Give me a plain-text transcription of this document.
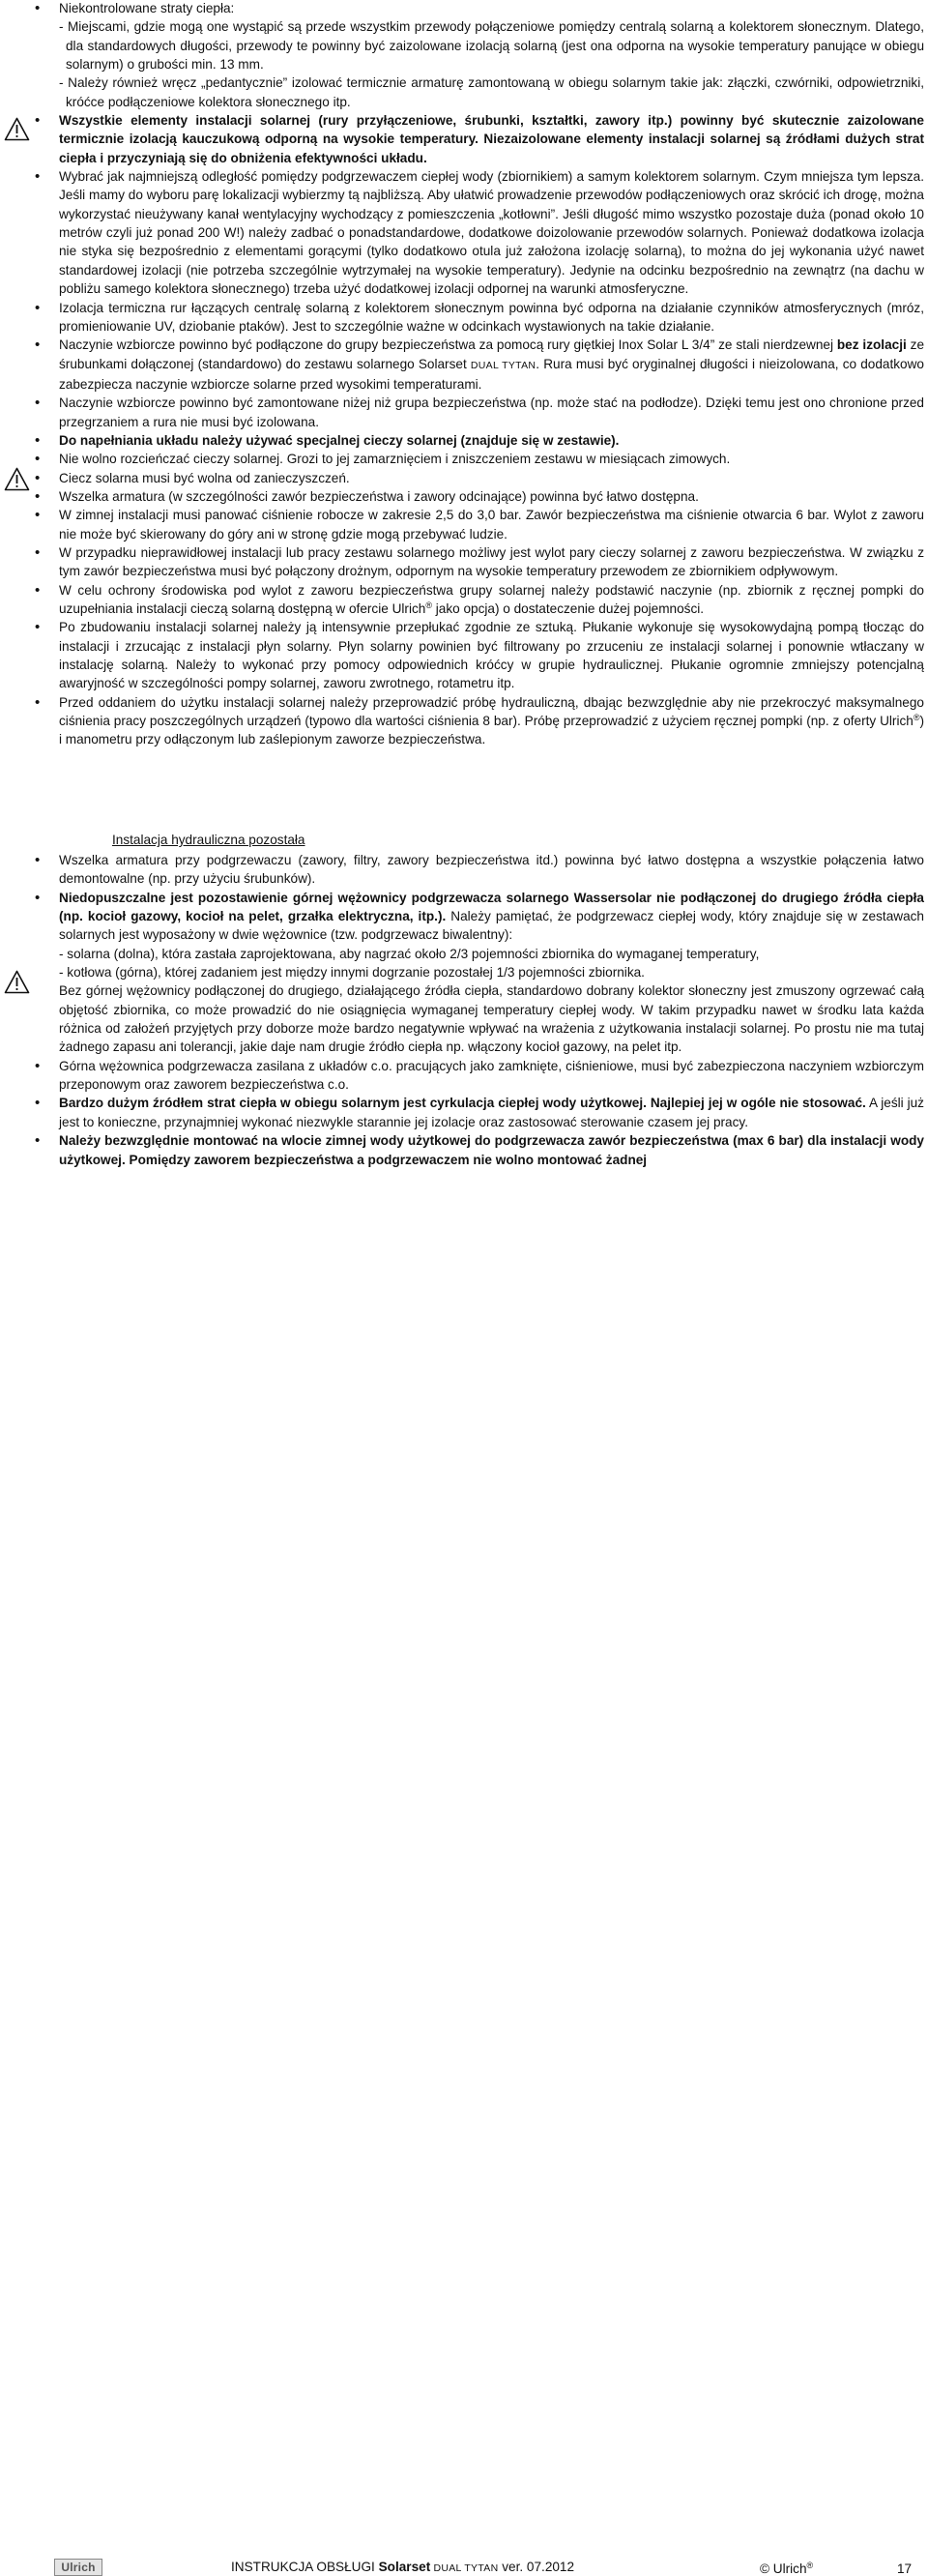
• Niekontrolowane straty ciepła:
- Miejscami, gdzie mogą one wystąpić są przede wszystkim przewody połączeniowe pomiędzy centralą solarną a kolektorem słonecznym. Dlatego, dla standardowych długości, przewody te powinny być zaizolowane izolacją solarną (jest ona odporna na wysokie temperatury panujące w obiegu solarnym) o grubości min. 13 mm.
- Należy również wręcz „pedantycznie” izolować termicznie armaturę zamontowaną w obiegu solarnym takie jak: złączki, czwórniki, odpowietrzniki, króćce podłączeniowe kolektora słonecznego itp.
• Wszystkie elementy instalacji solarnej (rury przyłączeniowe, śrubunki, kształtki, zawory itp.) powinny być skutecznie zaizolowane termicznie izolacją kauczukową odporną na wysokie temperatury. Niezaizolowane elementy instalacji solarnej są źródłami dużych strat ciepła i przyczyniają się do obniżenia efektywności układu.
• Wybrać jak najmniejszą odległość pomiędzy podgrzewaczem ciepłej wody (zbiornikiem) a samym kolektorem solarnym. Czym mniejsza tym lepsza. Jeśli mamy do wyboru parę lokalizacji wybierzmy tą najbliższą. Aby ułatwić prowadzenie przewodów podłączeniowych oraz skrócić ich drogę, można wykorzystać nieużywany kanał wentylacyjny wychodzący z pomieszczenia „kotłowni”. Jeśli długość mimo wszystko pozostaje duża (ponad około 10 metrów czyli już ponad 200 W!) należy zadbać o ponadstandardowe, dodatkowe doizolowanie przewodów solarnych. Ponieważ dodatkowa izolacja nie styka się bezpośrednio z elementami gorącymi (tylko dodatkowo otula już założona izolację solarną), to można do jej wykonania użyć nawet standardowej izolacji (nie potrzeba szczególnie wytrzymałej na wysokie temperatury). Jedynie na odcinku bezpośrednio na zewnątrz (na dachu w pobliżu samego kolektora słonecznego) trzeba użyć dodatkowej izolacji odpornej na warunki atmosferyczne.
• Izolacja termiczna rur łączących centralę solarną z kolektorem słonecznym powinna być odporna na działanie czynników atmosferycznych (mróz, promieniowanie UV, dziobanie ptaków). Jest to szczególnie ważne w odcinkach wystawionych na takie działanie.
• Naczynie wzbiorcze powinno być podłączone do grupy bezpieczeństwa za pomocą rury giętkiej Inox Solar L 3/4” ze stali nierdzewnej bez izolacji ze śrubunkami dołączonej (standardowo) do zestawu solarnego Solarset DUAL TYTAN. Rura musi być oryginalnej długości i nieizolowana, co dodatkowo zabezpiecza naczynie wzbiorcze solarne przed wysokimi temperaturami.
• Naczynie wzbiorcze powinno być zamontowane niżej niż grupa bezpieczeństwa (np. może stać na podłodze). Dzięki temu jest ono chronione przed przegrzaniem a rura nie musi być izolowana.
• Do napełniania układu należy używać specjalnej cieczy solarnej (znajduje się w zestawie).
• Nie wolno rozcieńczać cieczy solarnej. Grozi to jej zamarznięciem i zniszczeniem zestawu w miesiącach zimowych.
• Ciecz solarna musi być wolna od zanieczyszczeń.
• Wszelka armatura (w szczególności zawór bezpieczeństwa i zawory odcinające) powinna być łatwo dostępna.
• W zimnej instalacji musi panować ciśnienie robocze w zakresie 2,5 do 3,0 bar. Zawór bezpieczeństwa ma ciśnienie otwarcia 6 bar. Wylot z zaworu nie może być skierowany do góry ani w stronę gdzie mogą przebywać ludzie.
• W przypadku nieprawidłowej instalacji lub pracy zestawu solarnego możliwy jest wylot pary cieczy solarnej z zaworu bezpieczeństwa. W związku z tym zawór bezpieczeństwa musi być połączony drożnym, odpornym na wysokie temperatury przewodem ze zbiornikiem odpływowym.
• W celu ochrony środowiska pod wylot z zaworu bezpieczeństwa grupy solarnej należy podstawić naczynie (np. zbiornik z ręcznej pompki do uzupełniania instalacji cieczą solarną dostępną w ofercie Ulrich® jako opcja) o dostateczenie dużej pojemności.
• Po zbudowaniu instalacji solarnej należy ją intensywnie przepłukać zgodnie ze sztuką. Płukanie wykonuje się wysokowydajną pompą tłocząc do instalacji i zrzucając z instalacji płyn solarny. Płyn solarny powinien być filtrowany po zrzuceniu ze instalacji solarnej i ponownie wtłaczany w instalację solarną. Należy to wykonać przy pomocy odpowiednich króćcy w grupie hydraulicznej. Płukanie ogromnie zmniejszy potencjalną awaryjność w szczególności pompy solarnej, zaworu zwrotnego, rotametru itp.
• Przed oddaniem do użytku instalacji solarnej należy przeprowadzić próbę hydrauliczną, dbając bezwzględnie aby nie przekroczyć maksymalnego ciśnienia pracy poszczególnych urządzeń (typowo dla wartości ciśnienia 8 bar). Próbę przeprowadzić z użyciem ręcznej pompki (np. z oferty Ulrich®) i manometru przy odłączonym lub zaślepionym zaworze bezpieczeństwa.
Instalacja hydrauliczna pozostała
• Wszelka armatura przy podgrzewaczu (zawory, filtry, zawory bezpieczeństwa itd.) powinna być łatwo dostępna a wszystkie połączenia łatwo demontowalne (np. przy użyciu śrubunków).
• Niedopuszczalne jest pozostawienie górnej wężownicy podgrzewacza solarnego Wassersolar nie podłączonej do drugiego źródła ciepła (np. kocioł gazowy, kocioł na pelet, grzałka elektryczna, itp.). Należy pamiętać, że podgrzewacz ciepłej wody, który znajduje się w zestawach solarnych jest wyposażony w dwie wężownice (tzw. podgrzewacz biwalentny):
- solarna (dolna), która zastała zaprojektowana, aby nagrzać około 2/3 pojemności zbiornika do wymaganej temperatury,
- kotłowa (górna), której zadaniem jest między innymi dogrzanie pozostałej 1/3 pojemności zbiornika.
Bez górnej wężownicy podłączonej do drugiego, działającego źródła ciepła, standardowo dobrany kolektor słoneczny jest zmuszony ogrzewać całą objętość zbiornika, co może prowadzić do nie osiągnięcia wymaganej temperatury ciepłej wody. W takim przypadku nawet w środku lata każda różnica od założeń przyjętych przy doborze może bardzo negatywnie wpływać na wrażenia z użytkowania instalacji solarnej. Po prostu nie ma tutaj żadnego zapasu ani tolerancji, jakie daje nam drugie źródło ciepła np. włączony kocioł gazowy, na pelet itp.
• Górna wężownica podgrzewacza zasilana z układów c.o. pracujących jako zamknięte, ciśnieniowe, musi być zabezpieczona naczyniem wzbiorczym przeponowym oraz zaworem bezpieczeństwa c.o.
• Bardzo dużym źródłem strat ciepła w obiegu solarnym jest cyrkulacja ciepłej wody użytkowej. Najlepiej jej w ogóle nie stosować. A jeśli już jest to konieczne, przynajmniej wykonać niezwykle starannie jej izolacje oraz zastosować sterowanie czasem jej pracy.
• Należy bezwzględnie montować na wlocie zimnej wody użytkowej do podgrzewacza zawór bezpieczeństwa (max 6 bar) dla instalacji wody użytkowej. Pomiędzy zaworem bezpieczeństwa a podgrzewaczem nie wolno montować żadnej
Ulrich	INSTRUKCJA OBSŁUGI Solarset DUAL TYTAN ver. 07.2012	© Ulrich®	17
